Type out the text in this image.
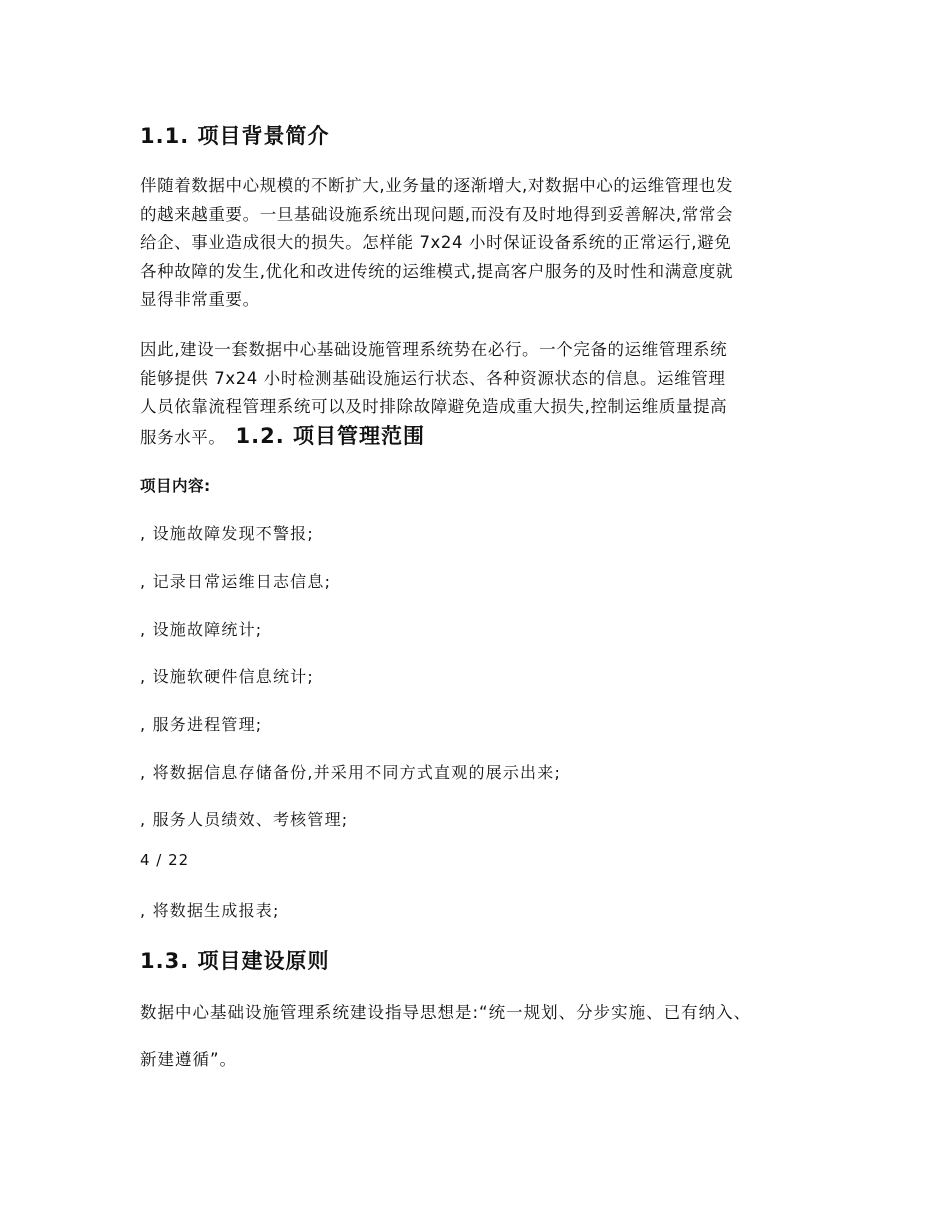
1.1. 项目背景简介
伴随着数据中心规模的不断扩大,业务量的逐渐增大,对数据中心的运维管理也发
的越来越重要。一旦基础设施系统出现问题,而没有及时地得到妥善解决,常常会
给企、事业造成很大的损失。怎样能 7x24 小时保证设备系统的正常运行,避免
各种故障的发生,优化和改进传统的运维模式,提高客户服务的及时性和满意度就
显得非常重要。
因此,建设一套数据中心基础设施管理系统势在必行。一个完备的运维管理系统
能够提供 7x24 小时检测基础设施运行状态、各种资源状态的信息。运维管理
人员依靠流程管理系统可以及时排除故障避免造成重大损失,控制运维质量提高
服务水平。 1.2. 项目管理范围

项目内容:

, 设施故障发现不警报;

, 记录日常运维日志信息;

, 设施故障统计;

, 设施软硬件信息统计;

, 服务进程管理;

, 将数据信息存储备份,并采用不同方式直观的展示出来;

, 服务人员绩效、考核管理;

4 / 22

, 将数据生成报表;

1.3. 项目建设原则

数据中心基础设施管理系统建设指导思想是:“统一规划、分步实施、已有纳入、

新建遵循”。
